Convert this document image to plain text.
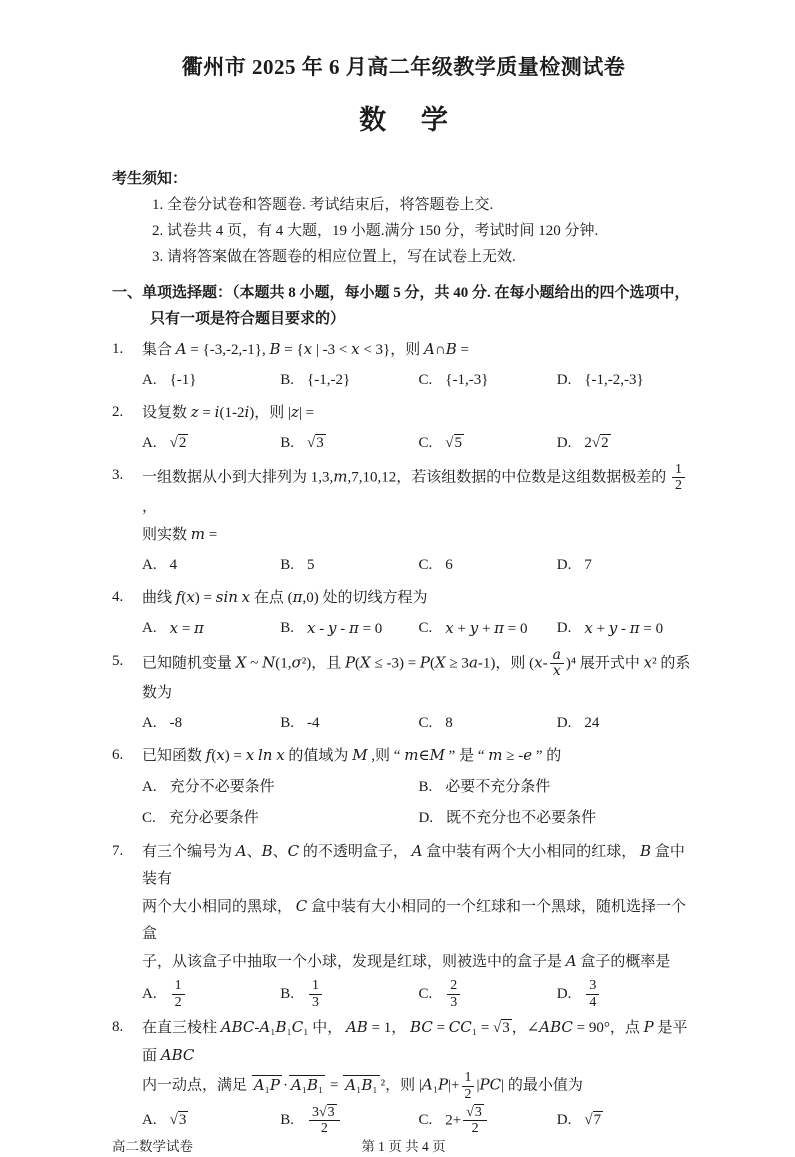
衢州市 2025 年 6 月高二年级教学质量检测试卷
数 学
考生须知：
1. 全卷分试卷和答题卷. 考试结束后，将答题卷上交.
2. 试卷共 4 页，有 4 大题，19 小题.满分 150 分，考试时间 120 分钟.
3. 请将答案做在答题卷的相应位置上，写在试卷上无效.
一、单项选择题：（本题共 8 小题，每小题 5 分，共 40 分. 在每小题给出的四个选项中，只有一项是符合题目要求的）
1.	集合 A = {-3,-2,-1}, B = {x | -3 < x < 3}，则 A∩B =
A. {-1}	B. {-1,-2}	C. {-1,-3}	D. {-1,-2,-3}
2.	设复数 z = i(1-2i)，则 |z| =
A. √2	B. √3	C. √5	D. 2√2
3.	一组数据从小到大排列为 1,3,m,7,10,12，若该组数据的中位数是这组数据极差的 $\frac{1}{2}$
，
则实数 m =
A. 4	B. 5	C. 6	D. 7
4.	曲线 f(x) = sin x 在点 (π,0) 处的切线方程为
A. x = π	B. x - y - π = 0 C. x + y + π = 0 D. x + y - π = 0
5.	已知随机变量 X ~ N(1,σ²)，且 P(X ≤ -3) = P(X ≥ 3a-1)，则 $(x- \frac{a}{x} )^4$ 展开式中 x² 的系
数为
A. -8	B. -4	C. 8	D. 24
6.	已知函数 f(x) = x ln x 的值域为 M ,则 “ m∈M ” 是 “ m ≥ -e ” 的
A. 充分不必要条件	B. 必要不充分条件
C. 充分必要条件	D. 既不充分也不必要条件
7.	有三个编号为 A、B、C 的不透明盒子， A 盒中装有两个大小相同的红球， B 盒中装有
两个大小相同的黑球， C 盒中装有大小相同的一个红球和一个黑球，随机选择一个盒
子，从该盒子中抽取一个小球，发现是红球，则被选中的盒子是 A 盒子的概率是
A. $\frac{1}{2}$	B. $\frac{1}{3}$	C. $\frac{2}{3}$	D. $\frac{3}{4}$
8.	在直三棱柱 ABC-A₁B₁C₁ 中， AB = 1， BC = CC₁ = √3 ，∠ABC = 90°，点 P 是平面 ABC
内一动点，满足 A₁P · A₁B₁ = A₁B₁ ²，则 $|A_1P|+ \frac{1}{2} |PC|$ 的最小值为
A. √3	B. $\frac{3√3}{2}$	C. $2+ \frac{√3}{2}$	D. √7
高二数学试卷	第 1 页 共 4 页
